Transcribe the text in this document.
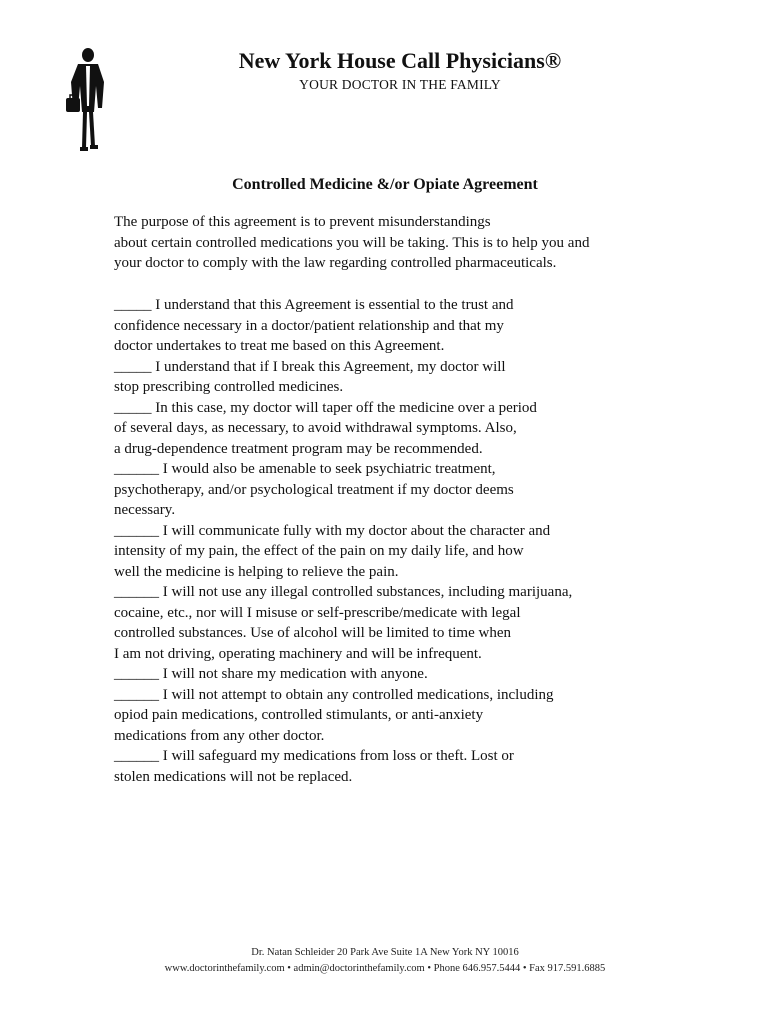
New York House Call Physicians®
YOUR DOCTOR IN THE FAMILY
Controlled Medicine &/or Opiate Agreement

The purpose of this agreement is to prevent misunderstandings

about certain controlled medications you will be taking. This is to help you and

your doctor to comply with the law regarding controlled pharmaceuticals.

_____ I understand that this Agreement is essential to the trust and
confidence necessary in a doctor/patient relationship and that my
doctor undertakes to treat me based on this Agreement.
_____ I understand that if I break this Agreement, my doctor will
stop prescribing controlled medicines.
_____ In this case, my doctor will taper off the medicine over a period
of several days, as necessary, to avoid withdrawal symptoms. Also,
a drug-dependence treatment program may be recommended.
______ I would also be amenable to seek psychiatric treatment,
psychotherapy, and/or psychological treatment if my doctor deems
necessary.
______ I will communicate fully with my doctor about the character and
intensity of my pain, the effect of the pain on my daily life, and how
well the medicine is helping to relieve the pain.
______ I will not use any illegal controlled substances, including marijuana,
cocaine, etc., nor will I misuse or self-prescribe/medicate with legal
controlled substances. Use of alcohol will be limited to time when
I am not driving, operating machinery and will be infrequent.
______ I will not share my medication with anyone.
______ I will not attempt to obtain any controlled medications, including
opiod pain medications, controlled stimulants, or anti-anxiety
medications from any other doctor.
______ I will safeguard my medications from loss or theft. Lost or
stolen medications will not be replaced.
Dr. Natan Schleider 20 Park Ave Suite 1A New York NY 10016
www.doctorinthefamily.com • admin@doctorinthefamily.com • Phone 646.957.5444 • Fax 917.591.6885
